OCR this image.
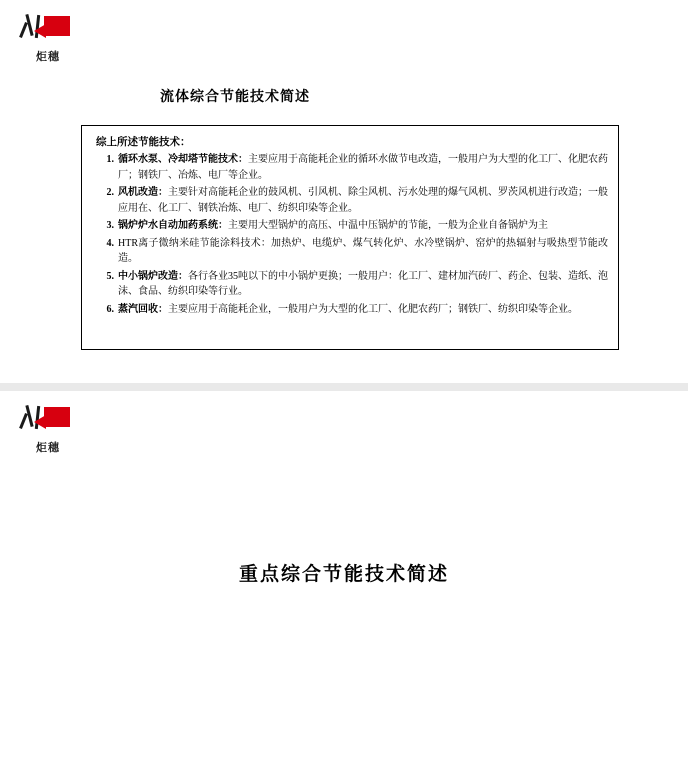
炬穗
流体综合节能技术简述
综上所述节能技术：
1. 循环水泵、冷却塔节能技术：主要应用于高能耗企业的循环水做节电改造，一般用户为大型的化工厂、化肥农药厂；钢铁厂、冶炼、电厂等企业。
2. 风机改造：主要针对高能耗企业的鼓风机、引风机、除尘风机、污水处理的爆气风机、罗茨风机进行改造；一般应用在、化工厂、钢铁冶炼、电厂、纺织印染等企业。
3. 锅炉炉水自动加药系统：主要用大型锅炉的高压、中温中压锅炉的节能，一般为企业自备锅炉为主
4. HTR离子微纳米硅节能涂料技术：加热炉、电缆炉、煤气转化炉、水冷壁锅炉、窑炉的热辐射与吸热型节能改造。
5. 中小锅炉改造：各行各业35吨以下的中小锅炉更换；一般用户：化工厂、建材加汽砖厂、药企、包装、造纸、泡沫、食品、纺织印染等行业。
6. 蒸汽回收：主要应用于高能耗企业，一般用户为大型的化工厂、化肥农药厂；钢铁厂、纺织印染等企业。
炬穗
重点综合节能技术简述
